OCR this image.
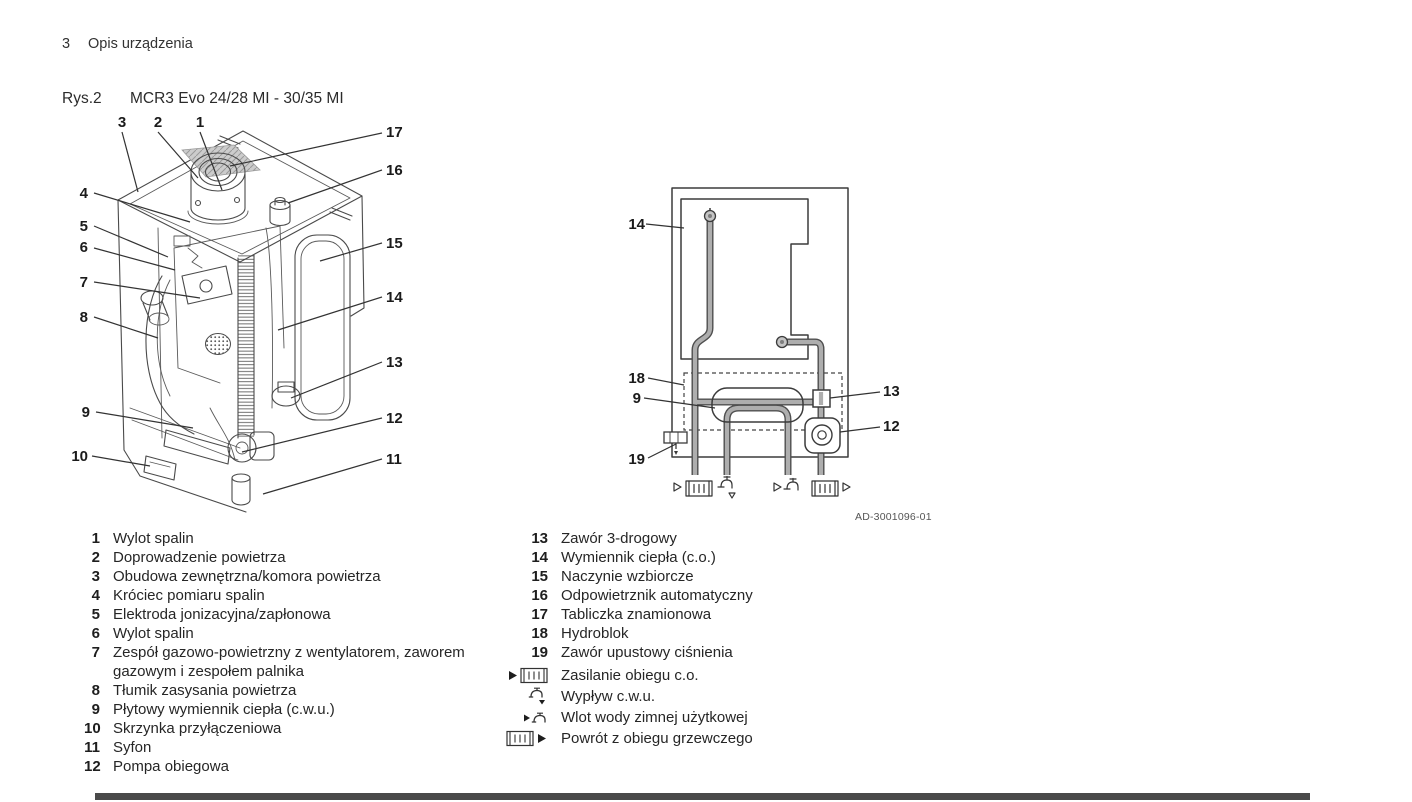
3	Opis urządzenia
Rys.2	MCR3 Evo 24/28 MI - 30/35 MI
1
2
3
4
5
6
7
8
9
10	11
12
13
14
15
16
17
14
18
9
19
13
12
AD-3001096-01
1 Wylot spalin
2 Doprowadzenie powietrza
3 Obudowa zewnętrzna/komora powietrza
4 Króciec pomiaru spalin
5 Elektroda jonizacyjna/zapłonowa
6 Wylot spalin
7 Zespół gazowo-powietrzny z wentylatorem, zaworem gazowym i zespołem palnika
8 Tłumik zasysania powietrza
9 Płytowy wymiennik ciepła (c.w.u.)
10 Skrzynka przyłączeniowa
11 Syfon
12 Pompa obiegowa
13 Zawór 3-drogowy
14 Wymiennik ciepła (c.o.)
15 Naczynie wzbiorcze
16 Odpowietrznik automatyczny
17 Tabliczka znamionowa
18 Hydroblok
19 Zawór upustowy ciśnienia
Zasilanie obiegu c.o.
Wypływ c.w.u.
Wlot wody zimnej użytkowej
Powrót z obiegu grzewczego
